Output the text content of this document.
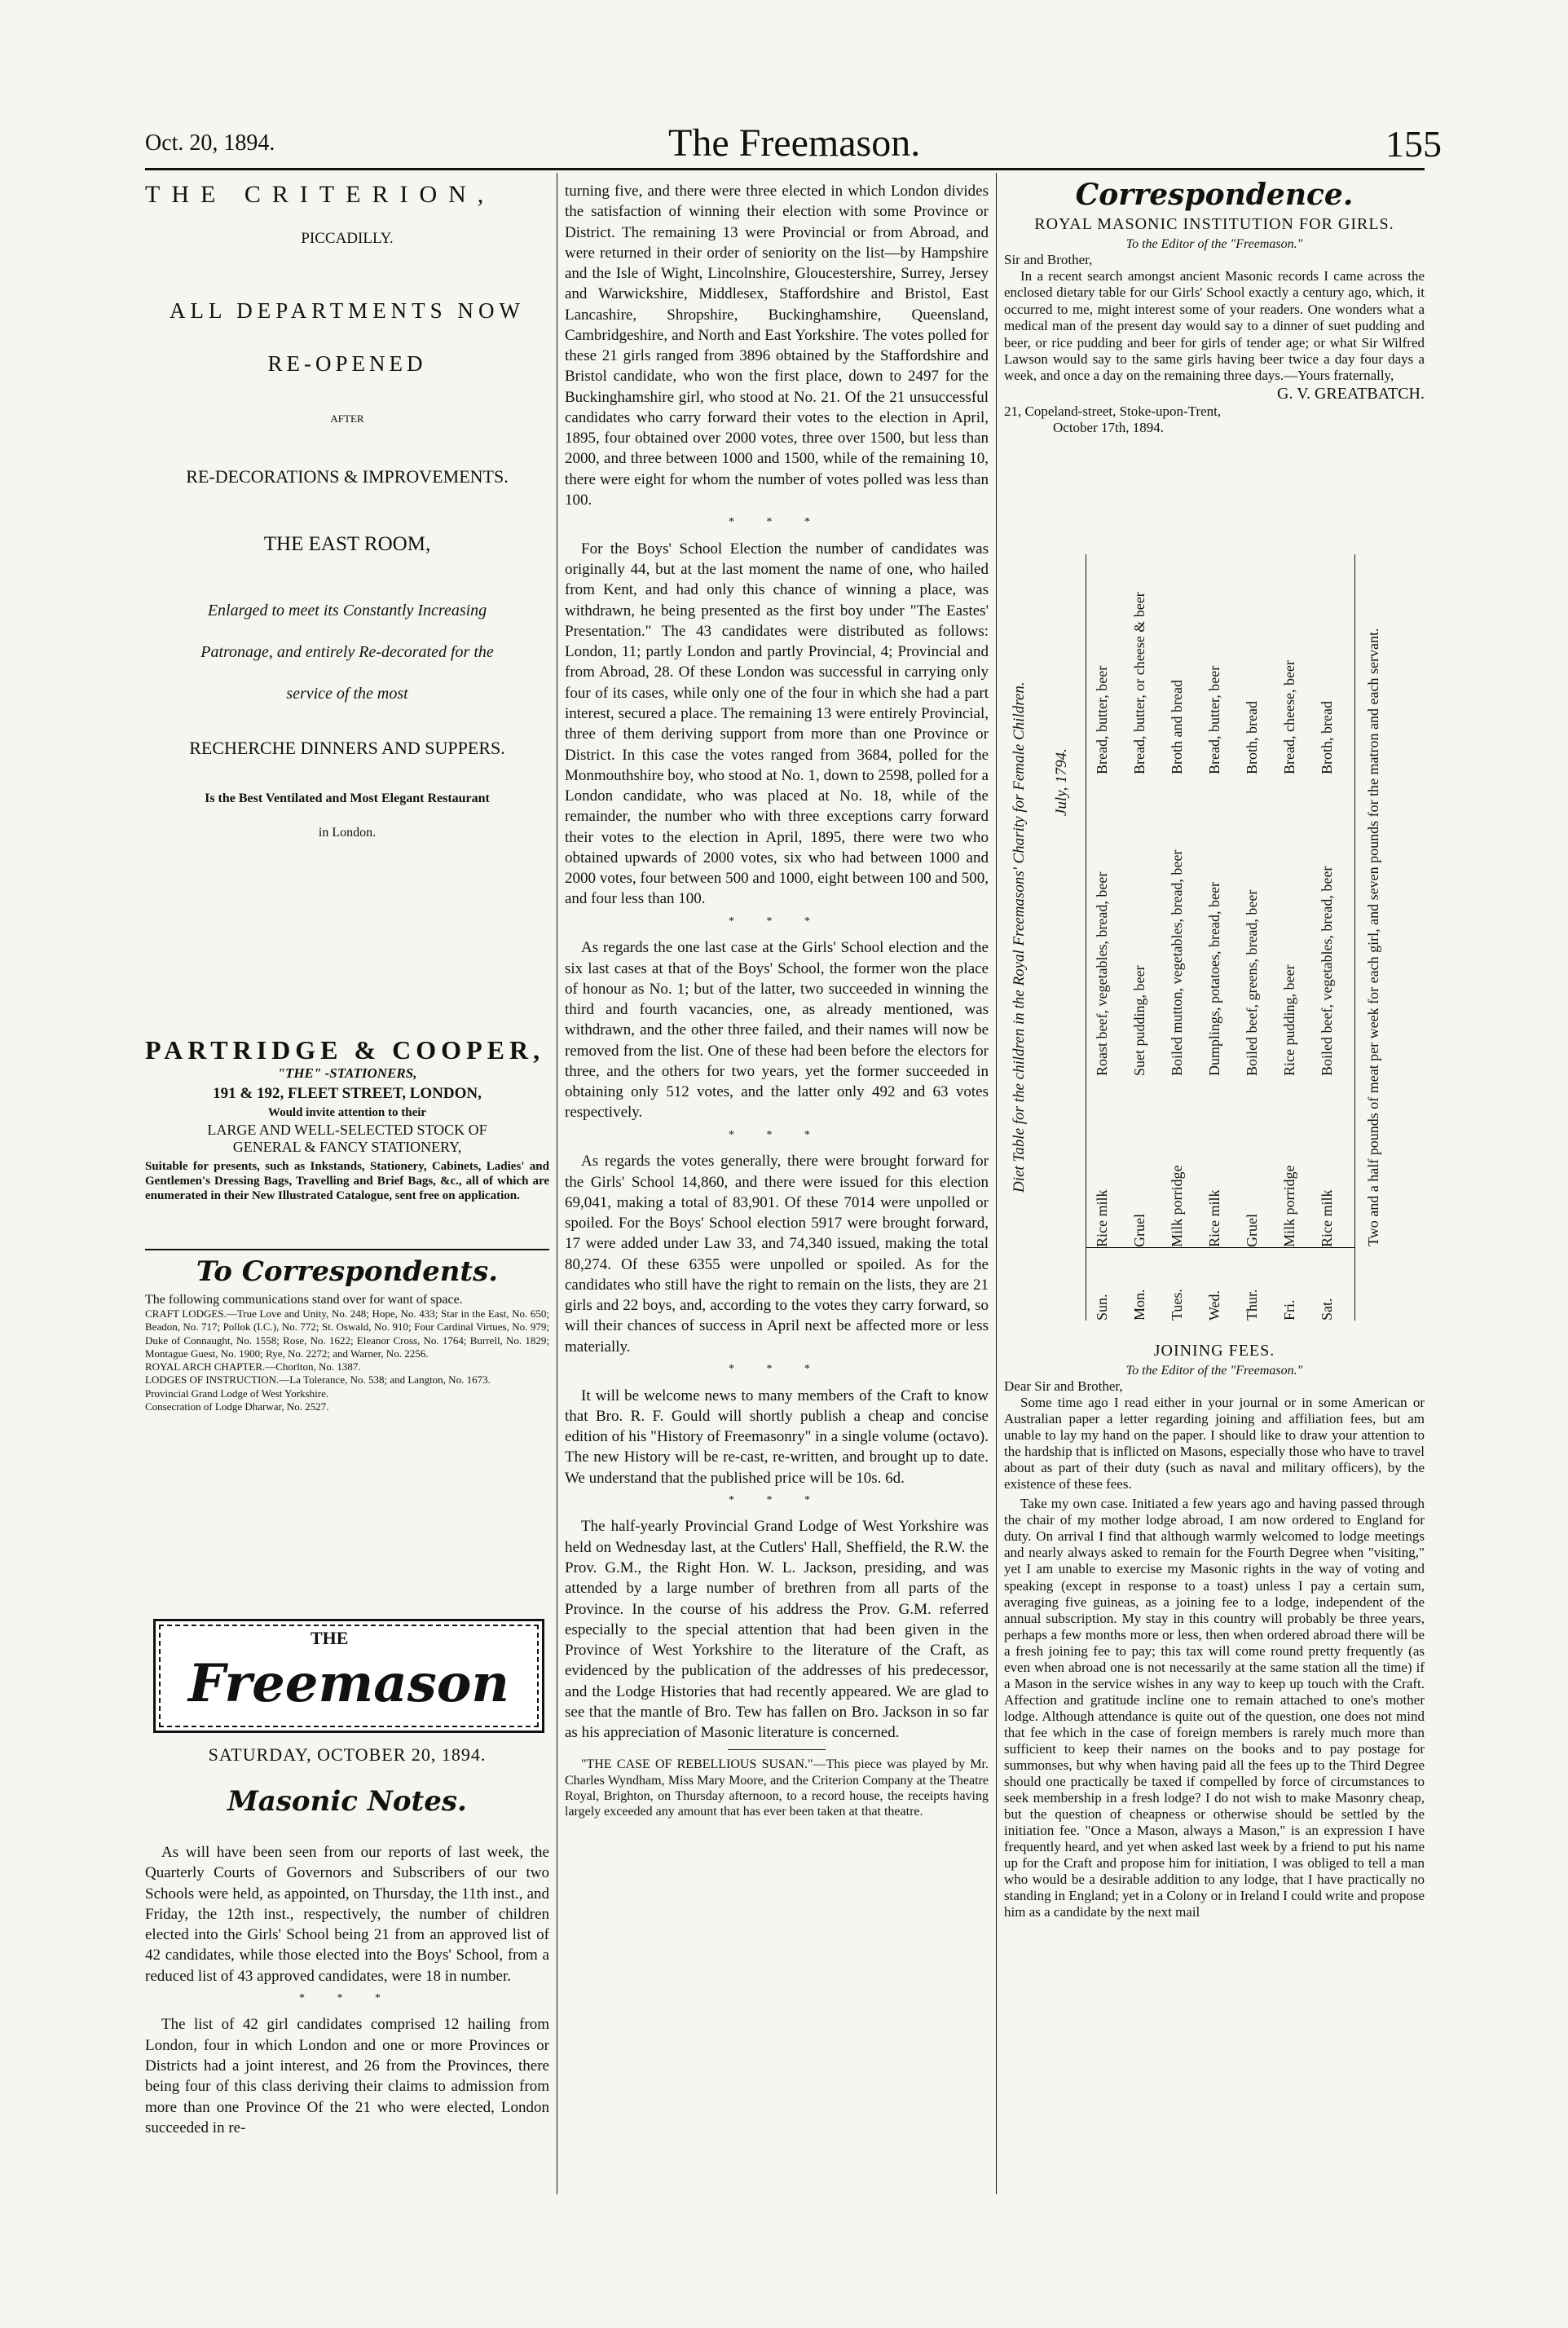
Oct. 20, 1894.	The Freemason.	155
THE CRITERION,
PICCADILLY.
ALL DEPARTMENTS NOW
RE-OPENED
AFTER
RE-DECORATIONS & IMPROVEMENTS.
THE EAST ROOM,
Enlarged to meet its Constantly Increasing
Patronage, and entirely Re-decorated for the
service of the most
RECHERCHE DINNERS AND SUPPERS.
Is the Best Ventilated and Most Elegant Restaurant
in London.
PARTRIDGE & COOPER,
"THE" -STATIONERS,
191 & 192, FLEET STREET, LONDON,
Would invite attention to their
LARGE AND WELL-SELECTED STOCK OF
GENERAL & FANCY STATIONERY,
Suitable for presents, such as Inkstands, Stationery, Cabinets, Ladies' and Gentlemen's Dressing Bags, Travelling and Brief Bags, &c., all of which are enumerated in their New Illustrated Catalogue, sent free on application.
To Correspondents.
The following communications stand over for want of space.
CRAFT LODGES.—True Love and Unity, No. 248; Hope, No. 433; Star in the East, No. 650; Beadon, No. 717; Pollok (I.C.), No. 772; St. Oswald, No. 910; Four Cardinal Virtues, No. 979; Duke of Connaught, No. 1558; Rose, No. 1622; Eleanor Cross, No. 1764; Burrell, No. 1829; Montague Guest, No. 1900; Rye, No. 2272; and Warner, No. 2256.
ROYAL ARCH CHAPTER.—Chorlton, No. 1387.
LODGES OF INSTRUCTION.—La Tolerance, No. 538; and Langton, No. 1673.
Provincial Grand Lodge of West Yorkshire.
Consecration of Lodge Dharwar, No. 2527.
THE
Freemason
SATURDAY, OCTOBER 20, 1894.
Masonic Notes.

As will have been seen from our reports of last week, the Quarterly Courts of Governors and Subscribers of our two Schools were held, as appointed, on Thursday, the 11th inst., and Friday, the 12th inst., respectively, the number of children elected into the Girls' School being 21 from an approved list of 42 candidates, while those elected into the Boys' School, from a reduced list of 43 approved candidates, were 18 in number.

* * *

The list of 42 girl candidates comprised 12 hailing from London, four in which London and one or more Provinces or Districts had a joint interest, and 26 from the Provinces, there being four of this class deriving their claims to admission from more than one Province Of the 21 who were elected, London succeeded in re-

turning five, and there were three elected in which London divides the satisfaction of winning their election with some Province or District. The remaining 13 were Provincial or from Abroad, and were returned in their order of seniority on the list—by Hampshire and the Isle of Wight, Lincolnshire, Gloucestershire, Surrey, Jersey and Warwickshire, Middlesex, Staffordshire and Bristol, East Lancashire, Shropshire, Buckinghamshire, Queensland, Cambridgeshire, and North and East Yorkshire. The votes polled for these 21 girls ranged from 3896 obtained by the Staffordshire and Bristol candidate, who won the first place, down to 2497 for the Buckinghamshire girl, who stood at No. 21. Of the 21 unsuccessful candidates who carry forward their votes to the election in April, 1895, four obtained over 2000 votes, three over 1500, but less than 2000, and three between 1000 and 1500, while of the remaining 10, there were eight for whom the number of votes polled was less than 100.

* * *

For the Boys' School Election the number of candidates was originally 44, but at the last moment the name of one, who hailed from Kent, and had only this chance of winning a place, was withdrawn, he being presented as the first boy under "The Eastes' Presentation." The 43 candidates were distributed as follows: London, 11; partly London and partly Provincial, 4; Provincial and from Abroad, 28. Of these London was successful in carrying only four of its cases, while only one of the four in which she had a part interest, secured a place. The remaining 13 were entirely Provincial, three of them deriving support from more than one Province or District. In this case the votes ranged from 3684, polled for the Monmouthshire boy, who stood at No. 1, down to 2598, polled for a London candidate, who was placed at No. 18, while of the remainder, the number who with three exceptions carry forward their votes to the election in April, 1895, there were two who obtained upwards of 2000 votes, six who had between 1000 and 2000 votes, four between 500 and 1000, eight between 100 and 500, and four less than 100.

* * *

As regards the one last case at the Girls' School election and the six last cases at that of the Boys' School, the former won the place of honour as No. 1; but of the latter, two succeeded in winning the third and fourth vacancies, one, as already mentioned, was withdrawn, and the other three failed, and their names will now be removed from the list. One of these had been before the electors for three, and the others for two years, yet the former succeeded in obtaining only 512 votes, and the latter only 492 and 63 votes respectively.

* * *

As regards the votes generally, there were brought forward for the Girls' School 14,860, and there were issued for this election 69,041, making a total of 83,901. Of these 7014 were unpolled or spoiled. For the Boys' School election 5917 were brought forward, 17 were added under Law 33, and 74,340 issued, making the total 80,274. Of these 6355 were unpolled or spoiled. As for the candidates who still have the right to remain on the lists, they are 21 girls and 22 boys, and, according to the votes they carry forward, so will their chances of success in April next be affected more or less materially.

* * *

It will be welcome news to many members of the Craft to know that Bro. R. F. Gould will shortly publish a cheap and concise edition of his "History of Freemasonry" in a single volume (octavo). The new History will be re-cast, re-written, and brought up to date. We understand that the published price will be 10s. 6d.

* * *

The half-yearly Provincial Grand Lodge of West Yorkshire was held on Wednesday last, at the Cutlers' Hall, Sheffield, the R.W. the Prov. G.M., the Right Hon. W. L. Jackson, presiding, and was attended by a large number of brethren from all parts of the Province. In the course of his address the Prov. G.M. referred especially to the special attention that had been given in the Province of West Yorkshire to the literature of the Craft, as evidenced by the publication of the addresses of his predecessor, and the Lodge Histories that had recently appeared. We are glad to see that the mantle of Bro. Tew has fallen on Bro. Jackson in so far as his appreciation of Masonic literature is concerned.

"THE CASE OF REBELLIOUS SUSAN."—This piece was played by Mr. Charles Wyndham, Miss Mary Moore, and the Criterion Company at the Theatre Royal, Brighton, on Thursday afternoon, to a record house, the receipts having largely exceeded any amount that has ever been taken at that theatre.

Correspondence.
ROYAL MASONIC INSTITUTION FOR GIRLS.
To the Editor of the "Freemason."
Sir and Brother,
In a recent search amongst ancient Masonic records I came across the enclosed dietary table for our Girls' School exactly a century ago, which, it occurred to me, might interest some of your readers. One wonders what a medical man of the present day would say to a dinner of suet pudding and beer, or rice pudding and beer for girls of tender age; or what Sir Wilfred Lawson would say to the same girls having beer twice a day four days a week, and once a day on the remaining three days.—Yours fraternally,
G. V. GREATBATCH.
21, Copeland-street, Stoke-upon-Trent,
October 17th, 1894.
Diet Table for the children in the Royal Freemasons' Charity for Female Children. July, 1794.
Sun.
Rice milk
Roast beef, vegetables, bread, beer
Bread, butter, beer
Mon.
Gruel
Suet pudding, beer
Bread, butter, or cheese & beer
Tues.
Milk porridge
Boiled mutton, vegetables, bread, beer
Broth and bread
Wed.
Rice milk
Dumplings, potatoes, bread, beer
Bread, butter, beer
Thur.
Gruel
Boiled beef, greens, bread, beer
Broth, bread
Fri.
Milk porridge
Rice pudding, beer
Bread, cheese, beer
Sat.
Rice milk
Boiled beef, vegetables, bread, beer
Broth, bread Two and a half pounds of meat per week for each girl, and seven pounds for the matron and each servant.
JOINING FEES.
To the Editor of the "Freemason."
Dear Sir and Brother,
Some time ago I read either in your journal or in some American or Australian paper a letter regarding joining and affiliation fees, but am unable to lay my hand on the paper. I should like to draw your attention to the hardship that is inflicted on Masons, especially those who have to travel about as part of their duty (such as naval and military officers), by the existence of these fees.
Take my own case. Initiated a few years ago and having passed through the chair of my mother lodge abroad, I am now ordered to England for duty. On arrival I find that although warmly welcomed to lodge meetings and nearly always asked to remain for the Fourth Degree when "visiting," yet I am unable to exercise my Masonic rights in the way of voting and speaking (except in response to a toast) unless I pay a certain sum, averaging five guineas, as a joining fee to a lodge, independent of the annual subscription. My stay in this country will probably be three years, perhaps a few months more or less, then when ordered abroad there will be a fresh joining fee to pay; this tax will come round pretty frequently (as even when abroad one is not necessarily at the same station all the time) if a Mason in the service wishes in any way to keep up touch with the Craft. Affection and gratitude incline one to remain attached to one's mother lodge. Although attendance is quite out of the question, one does not mind that fee which in the case of foreign members is rarely much more than sufficient to keep their names on the books and to pay postage for summonses, but why when having paid all the fees up to the Third Degree should one practically be taxed if compelled by force of circumstances to seek membership in a fresh lodge? I do not wish to make Masonry cheap, but the question of cheapness or otherwise should be settled by the initiation fee. "Once a Mason, always a Mason," is an expression I have frequently heard, and yet when asked last week by a friend to put his name up for the Craft and propose him for initiation, I was obliged to tell a man who would be a desirable addition to any lodge, that I have practically no standing in England; yet in a Colony or in Ireland I could write and propose him as a candidate by the next mail
